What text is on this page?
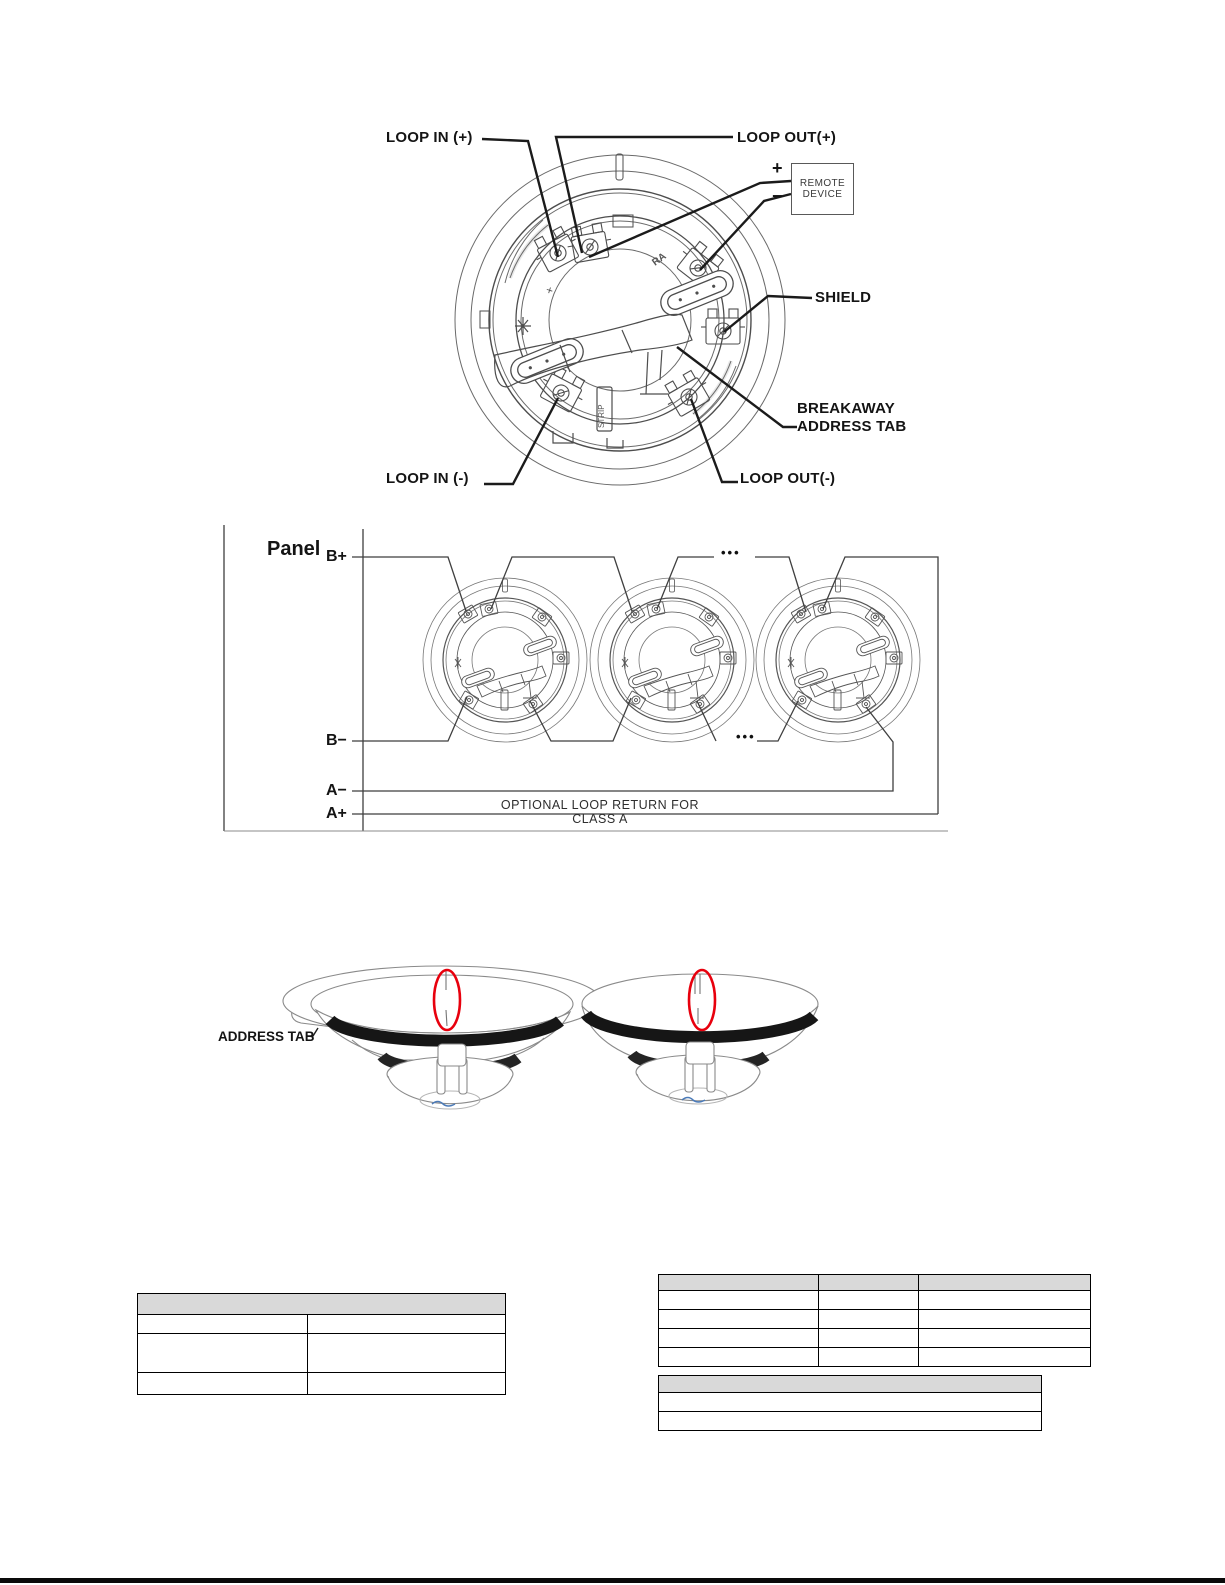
RA
STRIP
+
LOOP IN (+)	LOOP OUT(+)
+
−
REMOTE
DEVICE
SHIELD
BREAKAWAY
ADDRESS TAB
LOOP IN (-)	LOOP OUT(-)
Panel B+
B−
A−
A+
•••
•••
OPTIONAL LOOP RETURN FOR CLASS A
ADDRESS TAB
